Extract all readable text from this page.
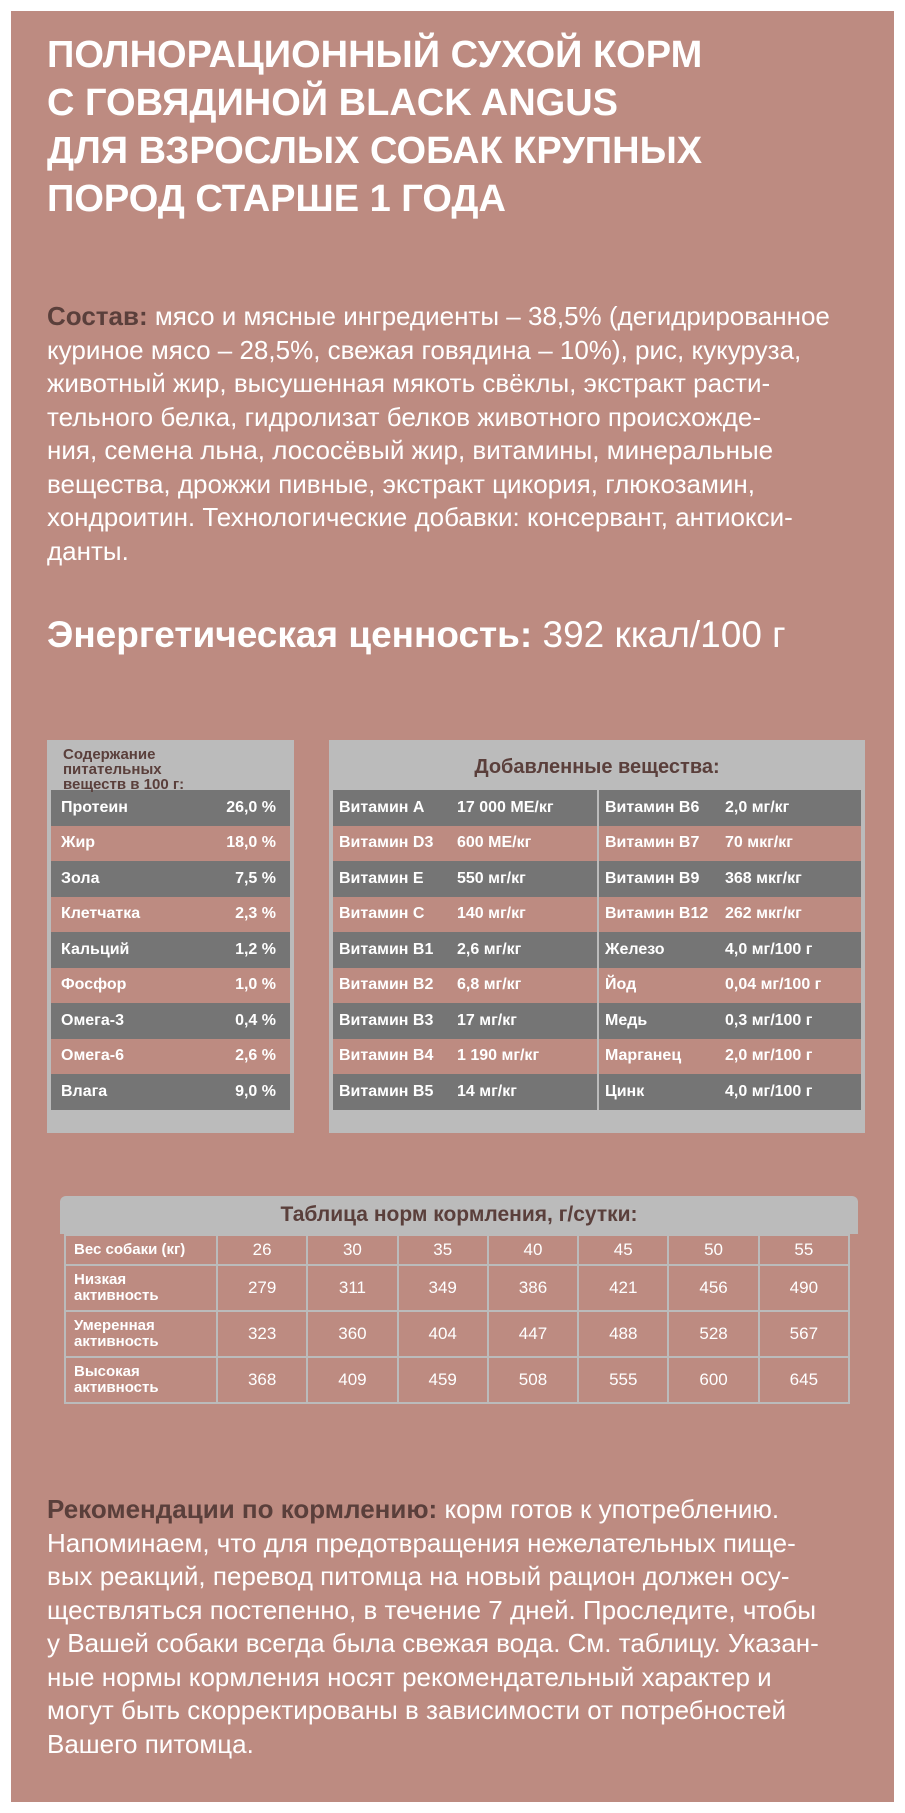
ПОЛНОРАЦИОННЫЙ СУХОЙ КОРМ
С ГОВЯДИНОЙ BLACK ANGUS
ДЛЯ ВЗРОСЛЫХ СОБАК КРУПНЫХ
ПОРОД СТАРШЕ 1 ГОДА
Состав: мясо и мясные ингредиенты – 38,5% (дегидрированное
куриное мясо – 28,5%, свежая говядина – 10%), рис, кукуруза,
животный жир, высушенная мякоть свёклы, экстракт расти-
тельного белка, гидролизат белков животного происхожде-
ния, семена льна, лососёвый жир, витамины, минеральные
вещества, дрожжи пивные, экстракт цикория, глюкозамин,
хондроитин. Технологические добавки: консервант, антиокси-
данты.
Энергетическая ценность: 392 ккал/100 г
Содержание
питательных
веществ в 100 г:
Протеин	26,0 %
Жир	18,0 %
Зола	7,5 %
Клетчатка	2,3 %
Кальций	1,2 %
Фосфор	1,0 %
Омега-3	0,4 %
Омега-6	2,6 %
Влага	9,0 %
Добавленные вещества:
Витамин А	17 000 МЕ/кг	Витамин В6	2,0 мг/кг
Витамин D3	600 МЕ/кг	Витамин В7	70 мкг/кг
Витамин Е	550 мг/кг	Витамин В9	368 мкг/кг
Витамин С	140 мг/кг	Витамин В12	262 мкг/кг
Витамин В1	2,6 мг/кг	Железо	4,0 мг/100 г
Витамин В2	6,8 мг/кг	Йод	0,04 мг/100 г
Витамин В3	17 мг/кг	Медь	0,3 мг/100 г
Витамин В4	1 190 мг/кг	Марганец	2,0 мг/100 г
Витамин В5	14 мг/кг	Цинк	4,0 мг/100 г
Таблица норм кормления, г/сутки:
Вес собаки (кг)	26	30	35	40	45	50	55

Низкая
активность	279	311	349	386	421	456	490

Умеренная
активность	323	360	404	447	488	528	567

Высокая
активность	368	409	459	508	555	600	645
Рекомендации по кормлению: корм готов к употреблению.
Напоминаем, что для предотвращения нежелательных пище-
вых реакций, перевод питомца на новый рацион должен осу-
ществляться постепенно, в течение 7 дней. Проследите, чтобы
у Вашей собаки всегда была свежая вода. См. таблицу. Указан-
ные нормы кормления носят рекомендательный характер и
могут быть скорректированы в зависимости от потребностей
Вашего питомца.
